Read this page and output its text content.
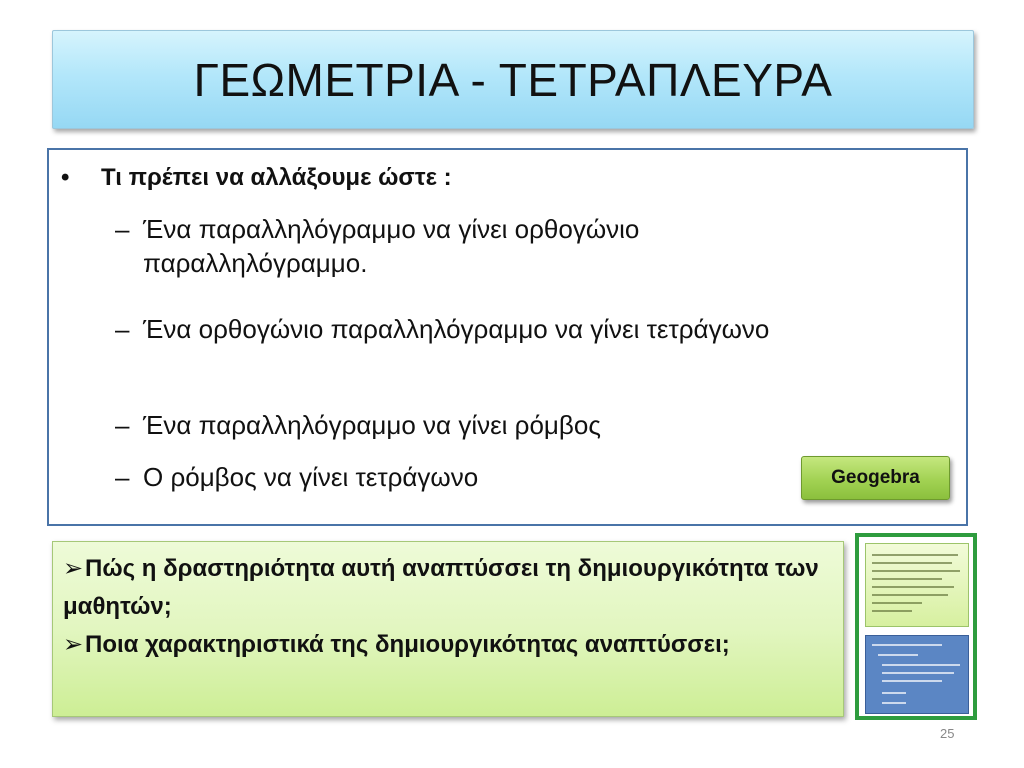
ΓΕΩΜΕΤΡΙΑ - ΤΕΤΡΑΠΛΕΥΡΑ
• Τι πρέπει να αλλάξουμε ώστε :
– Ένα παραλληλόγραμμο να γίνει ορθογώνιο παραλληλόγραμμο.
– Ένα ορθογώνιο παραλληλόγραμμο να γίνει τετράγωνο
– Ένα παραλληλόγραμμο να γίνει ρόμβος
– Ο ρόμβος να γίνει τετράγωνο	Geogebra
➢Πώς η δραστηριότητα αυτή αναπτύσσει τη δημιουργικότητα των μαθητών;
➢Ποια χαρακτηριστικά της δημιουργικότητας αναπτύσσει;
25
